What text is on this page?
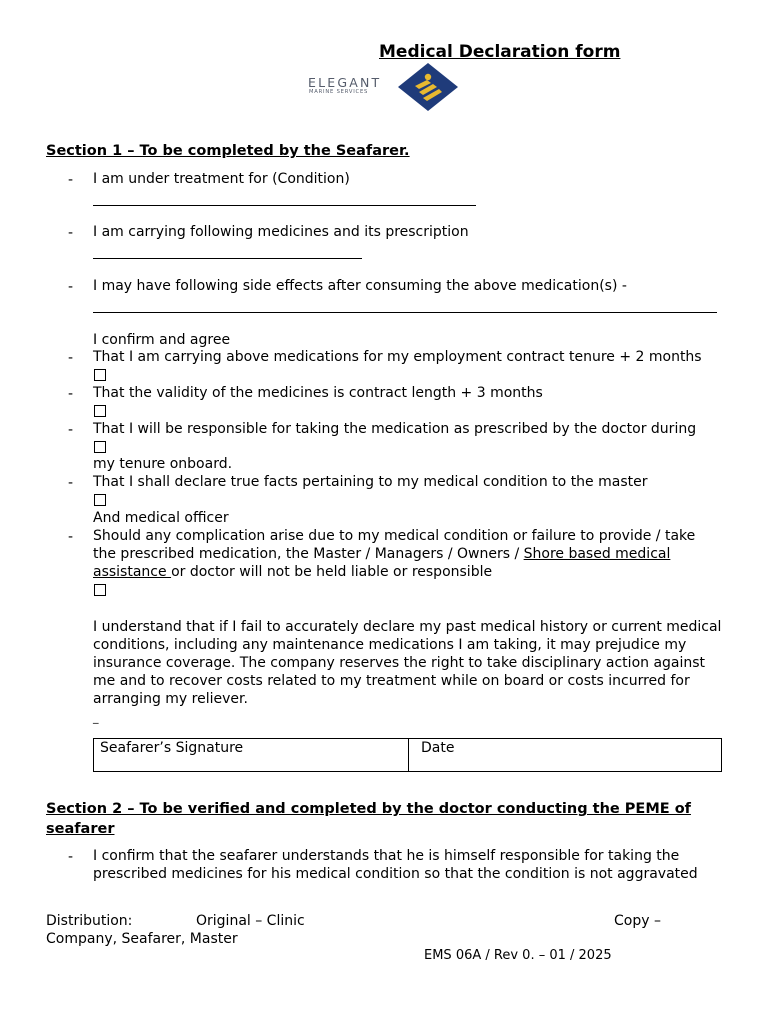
Medical Declaration form
ELEGANT
MARINE SERVICES
Section 1 – To be completed by the Seafarer.
- I am under treatment for (Condition)
- I am carrying following medicines and its prescription
- I may have following side effects after consuming the above medication(s) -
I confirm and agree
- That I am carrying above medications for my employment contract tenure + 2 months
- That the validity of the medicines is contract length + 3 months
- That I will be responsible for taking the medication as prescribed by the doctor during
my tenure onboard.
- That I shall declare true facts pertaining to my medical condition to the master
And medical officer
- Should any complication arise due to my medical condition or failure to provide / take
the prescribed medication, the Master / Managers / Owners / Shore based medical
assistance or doctor will not be held liable or responsible
I understand that if I fail to accurately declare my past medical history or current medical conditions, including any maintenance medications I am taking, it may prejudice my insurance coverage. The company reserves the right to take disciplinary action against me and to recover costs related to my treatment while on board or costs incurred for arranging my reliever.
_
Seafarer’s Signature	Date
Section 2 – To be verified and completed by the doctor conducting the PEME of seafarer
- I confirm that the seafarer understands that he is himself responsible for taking the
prescribed medicines for his medical condition so that the condition is not aggravated
Distribution:	Original – Clinic	Copy –
Company, Seafarer, Master
EMS 06A / Rev 0. – 01 / 2025
